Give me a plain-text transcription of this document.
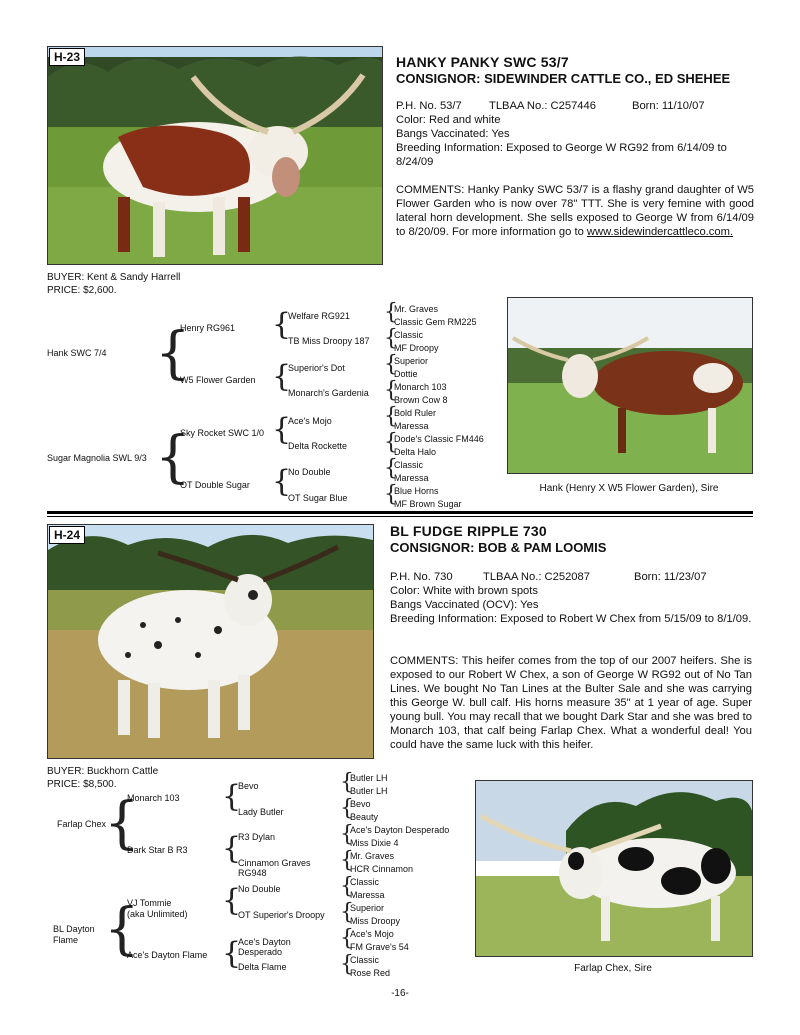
H-23	HANKY PANKY SWC 53/7
CONSIGNOR: SIDEWINDER CATTLE CO., ED SHEHEE
P.H. No. 53/7 TLBAA No.: C257446	Born: 11/10/07
Color: Red and white
Bangs Vaccinated: Yes
Breeding Information: Exposed to George W RG92 from 6/14/09 to 8/24/09
COMMENTS: Hanky Panky SWC 53/7 is a flashy grand daughter of W5 Flower Garden who is now over 78" TTT. She is very femine with good lateral horn development. She sells exposed to George W from 6/14/09 to 8/20/09. For more information go to www.sidewindercattleco.com.
BUYER: Kent & Sandy Harrell
PRICE: $2,600.
Hank SWC 7/4
Sugar Magnolia SWL 9/3
{
{
Henry RG961
W5 Flower Garden
Sky Rocket SWC 1/0
OT Double Sugar
{
{
{
{
Welfare RG921
TB Miss Droopy 187
Superior's Dot
Monarch's Gardenia
Ace's Mojo
Delta Rockette
No Double
OT Sugar Blue
{
{
{
{
{
{
{
{
Mr. Graves
Classic Gem RM225
Classic
MF Droopy
Superior
Dottie
Monarch 103
Brown Cow 8
Bold Ruler
Maressa
Dode's Classic FM446
Delta Halo
Classic
Maressa
Blue Horns
MF Brown Sugar
Hank (Henry X W5 Flower Garden), Sire
H-24	BL FUDGE RIPPLE 730
CONSIGNOR: BOB & PAM LOOMIS
P.H. No. 730	TLBAA No.: C252087	Born: 11/23/07
Color: White with brown spots
Bangs Vaccinated (OCV): Yes
Breeding Information: Exposed to Robert W Chex from 5/15/09 to 8/1/09.
COMMENTS: This heifer comes from the top of our 2007 heifers. She is exposed to our Robert W Chex, a son of George W RG92 out of No Tan Lines. We bought No Tan Lines at the Bulter Sale and she was carrying this George W. bull calf. His horns measure 35" at 1 year of age. Super young bull. You may recall that we bought Dark Star and she was bred to Monarch 103, that calf being Farlap Chex. What a wonderful deal! You could have the same luck with this heifer.
BUYER: Buckhorn Cattle
PRICE: $8,500.
Farlap Chex
BL Dayton
Flame
{
{
Monarch 103
Dark Star B R3
VJ Tommie
(aka Unlimited)
Ace's Dayton Flame
{
{
{
{
Bevo
Lady Butler
R3 Dylan
Cinnamon Graves
RG948
No Double
OT Superior's Droopy
Ace's Dayton
Desperado
Delta Flame
{
{
{
{
{
{
{
{
Butler LH
Butler LH
Bevo
Beauty
Ace's Dayton Desperado
Miss Dixie 4
Mr. Graves
HCR Cinnamon
Classic
Maressa
Superior
Miss Droopy
Ace's Mojo
FM Grave's 54
Classic
Rose Red	Farlap Chex, Sire
-16-
